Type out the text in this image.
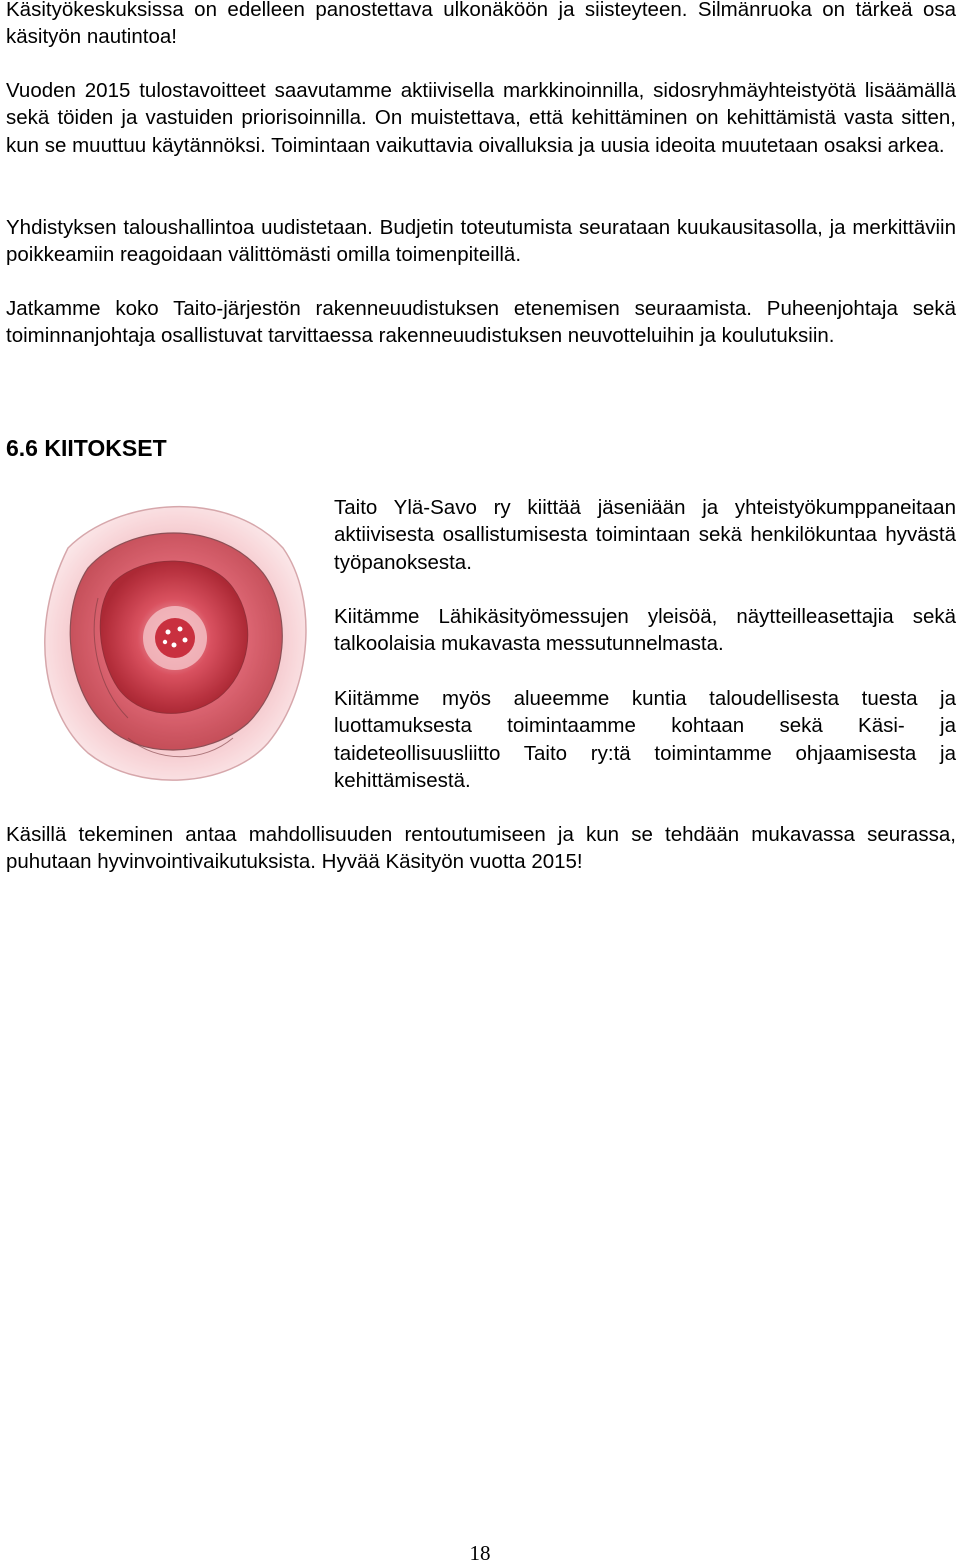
Käsityökeskuksissa on edelleen panostettava ulkonäköön ja siisteyteen. Silmänruoka on tärkeä osa käsityön nautintoa!

Vuoden 2015 tulostavoitteet saavutamme aktiivisella markkinoinnilla, sidosryhmäyhteistyötä lisäämällä sekä töiden ja vastuiden priorisoinnilla. On muistettava, että kehittäminen on kehittämistä vasta sitten, kun se muuttuu käytännöksi. Toimintaan vaikuttavia oivalluksia ja uusia ideoita muutetaan osaksi arkea.

Yhdistyksen taloushallintoa uudistetaan. Budjetin toteutumista seurataan kuukausitasolla, ja merkittäviin poikkeamiin reagoidaan välittömästi omilla toimenpiteillä.

Jatkamme koko Taito-järjestön rakenneuudistuksen etenemisen seuraamista. Puheenjohtaja sekä toiminnanjohtaja osallistuvat tarvittaessa rakenneuudistuksen neuvotteluihin ja koulutuksiin.

6.6 KIITOKSET

Taito Ylä-Savo ry kiittää jäseniään ja yhteistyökumppaneitaan aktiivisesta osallistumisesta toimintaan sekä henkilökuntaa hyvästä työpanoksesta.

Kiitämme Lähikäsityömessujen yleisöä, näytteilleasettajia sekä talkoolaisia mukavasta messutunnelmasta.

Kiitämme myös alueemme kuntia taloudellisesta tuesta ja luottamuksesta toimintaamme kohtaan sekä Käsi- ja taideteollisuusliitto Taito ry:tä toimintamme ohjaamisesta ja kehittämisestä.

Käsillä tekeminen antaa mahdollisuuden rentoutumiseen ja kun se tehdään mukavassa seurassa, puhutaan hyvinvointivaikutuksista. Hyvää Käsityön vuotta 2015!

18
